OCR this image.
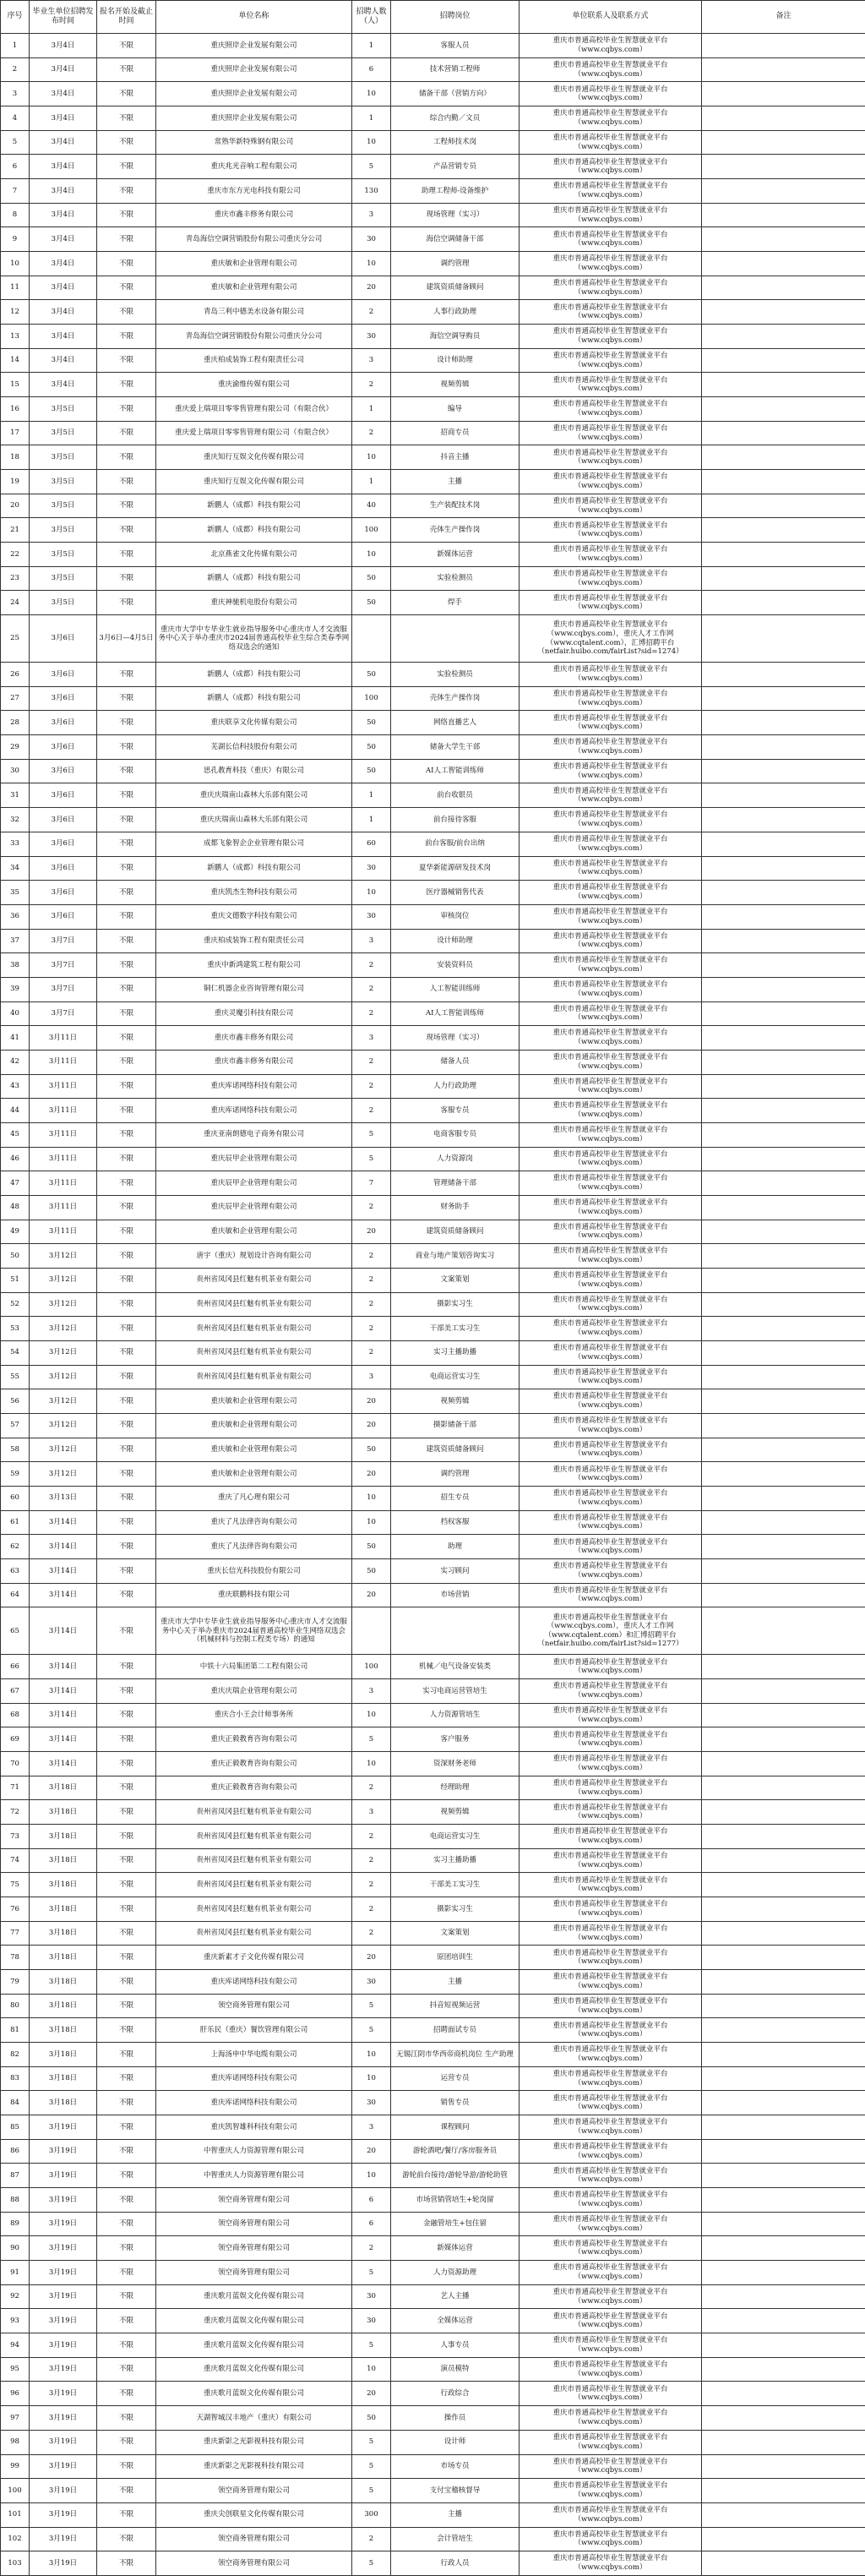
序号	毕业生单位招聘发布时间	报名开始及截止时间	单位名称	招聘人数（人）	招聘岗位	单位联系人及联系方式	备注
1	3月4日	不限	重庆照岸企业发展有限公司	1	客服人员	重庆市普通高校毕业生智慧就业平台（www.cqbys.com）	
2	3月4日	不限	重庆照岸企业发展有限公司	6	技术营销工程师	重庆市普通高校毕业生智慧就业平台（www.cqbys.com）	
3	3月4日	不限	重庆照岸企业发展有限公司	10	储备干部（营销方向）	重庆市普通高校毕业生智慧就业平台（www.cqbys.com）	
4	3月4日	不限	重庆照岸企业发展有限公司	1	综合内勤／文员	重庆市普通高校毕业生智慧就业平台（www.cqbys.com）	
5	3月4日	不限	常熟华新特殊钢有限公司	10	工程师技术岗	重庆市普通高校毕业生智慧就业平台（www.cqbys.com）	
6	3月4日	不限	重庆兆光音响工程有限公司	5	产品营销专员	重庆市普通高校毕业生智慧就业平台（www.cqbys.com）	
7	3月4日	不限	重庆市东方光电科技有限公司	130	助理工程师-设备维护	重庆市普通高校毕业生智慧就业平台（www.cqbys.com）	
8	3月4日	不限	重庆市鑫丰修务有限公司	3	现场管理（实习）	重庆市普通高校毕业生智慧就业平台（www.cqbys.com）	
9	3月4日	不限	青岛海信空调营销股份有限公司重庆分公司	30	海信空调储备干部	重庆市普通高校毕业生智慧就业平台（www.cqbys.com）	
10	3月4日	不限	重庆敏和企业管理有限公司	10	调约管理	重庆市普通高校毕业生智慧就业平台（www.cqbys.com）	
11	3月4日	不限	重庆敏和企业管理有限公司	20	建筑资质储备顾问	重庆市普通高校毕业生智慧就业平台（www.cqbys.com）	
12	3月4日	不限	青岛三利中德美水设备有限公司	2	人事行政助理	重庆市普通高校毕业生智慧就业平台（www.cqbys.com）	
13	3月4日	不限	青岛海信空调营销股份有限公司重庆分公司	30	海信空调导购员	重庆市普通高校毕业生智慧就业平台（www.cqbys.com）	
14	3月4日	不限	重庆柏成装饰工程有限责任公司	3	设计师助理	重庆市普通高校毕业生智慧就业平台（www.cqbys.com）	
15	3月4日	不限	重庆渝维传媒有限公司	2	视频剪辑	重庆市普通高校毕业生智慧就业平台（www.cqbys.com）	
16	3月5日	不限	重庆爱上瑞项目零零售管理有限公司（有限合伙）	1	编导	重庆市普通高校毕业生智慧就业平台（www.cqbys.com）	
17	3月5日	不限	重庆爱上瑞项目零零售管理有限公司（有限合伙）	2	招商专员	重庆市普通高校毕业生智慧就业平台（www.cqbys.com）	
18	3月5日	不限	重庆知行互娱文化传媒有限公司	10	抖音主播	重庆市普通高校毕业生智慧就业平台（www.cqbys.com）	
19	3月5日	不限	重庆知行互娱文化传媒有限公司	1	主播	重庆市普通高校毕业生智慧就业平台（www.cqbys.com）	
20	3月5日	不限	新鹏人（成都）科技有限公司	40	生产装配技术岗	重庆市普通高校毕业生智慧就业平台（www.cqbys.com）	
21	3月5日	不限	新鹏人（成都）科技有限公司	100	壳体生产操作岗	重庆市普通高校毕业生智慧就业平台（www.cqbys.com）	
22	3月5日	不限	北京燕雀文化传媒有限公司	10	新媒体运营	重庆市普通高校毕业生智慧就业平台（www.cqbys.com）	
23	3月5日	不限	新鹏人（成都）科技有限公司	50	实验检测员	重庆市普通高校毕业生智慧就业平台（www.cqbys.com）	
24	3月5日	不限	重庆神驰机电股份有限公司	50	焊手	重庆市普通高校毕业生智慧就业平台（www.cqbys.com）	
25	3月6日	3月6日—4月5日	重庆市大学中专毕业生就业指导服务中心重庆市人才交流服务中心关于举办重庆市2024届普通高校毕业生综合类春季网络双选会的通知			重庆市普通高校毕业生智慧就业平台（www.cqbys.com），重庆人才工作网（www.cqtalent.com），汇博招聘平台（netfair.huibo.com/fairList?sid=1274）	
26	3月6日	不限	新鹏人（成都）科技有限公司	50	实验检测员	重庆市普通高校毕业生智慧就业平台（www.cqbys.com）	
27	3月6日	不限	新鹏人（成都）科技有限公司	100	壳体生产操作岗	重庆市普通高校毕业生智慧就业平台（www.cqbys.com）	
28	3月6日	不限	重庆联享文化传媒有限公司	50	网络直播艺人	重庆市普通高校毕业生智慧就业平台（www.cqbys.com）	
29	3月6日	不限	芜湖长信科技股份有限公司	50	储备大学生干部	重庆市普通高校毕业生智慧就业平台（www.cqbys.com）	
30	3月6日	不限	思孔教育科技（重庆）有限公司	50	AI人工智能训练师	重庆市普通高校毕业生智慧就业平台（www.cqbys.com）	
31	3月6日	不限	重庆庆瑞南山森林大乐部有限公司	1	前台收银员	重庆市普通高校毕业生智慧就业平台（www.cqbys.com）	
32	3月6日	不限	重庆庆瑞南山森林大乐部有限公司	1	前台接待客服	重庆市普通高校毕业生智慧就业平台（www.cqbys.com）	
33	3月6日	不限	成都飞象智企企业管理有限公司	60	前台客服/前台出纳	重庆市普通高校毕业生智慧就业平台（www.cqbys.com）	
34	3月6日	不限	新鹏人（成都）科技有限公司	30	夏华新能源研发技术岗	重庆市普通高校毕业生智慧就业平台（www.cqbys.com）	
35	3月6日	不限	重庆凯杰生物科技有限公司	10	医疗器械销售代表	重庆市普通高校毕业生智慧就业平台（www.cqbys.com）	
36	3月6日	不限	重庆文德数字科技有限公司	30	审核岗位	重庆市普通高校毕业生智慧就业平台（www.cqbys.com）	
37	3月7日	不限	重庆柏成装饰工程有限责任公司	3	设计师助理	重庆市普通高校毕业生智慧就业平台（www.cqbys.com）	
38	3月7日	不限	重庆中新鸿建筑工程有限公司	2	安装资料员	重庆市普通高校毕业生智慧就业平台（www.cqbys.com）	
39	3月7日	不限	铜仁机器企业咨询管理有限公司	2	人工智能训练师	重庆市普通高校毕业生智慧就业平台（www.cqbys.com）	
40	3月7日	不限	重庆灵魔引科技有限公司	2	AI人工智能训练师	重庆市普通高校毕业生智慧就业平台（www.cqbys.com）	
41	3月11日	不限	重庆市鑫丰修务有限公司	3	现场管理（实习）	重庆市普通高校毕业生智慧就业平台（www.cqbys.com）	
42	3月11日	不限	重庆市鑫丰修务有限公司	2	储备人员	重庆市普通高校毕业生智慧就业平台（www.cqbys.com）	
43	3月11日	不限	重庆库诺网络科技有限公司	2	人力行政助理	重庆市普通高校毕业生智慧就业平台（www.cqbys.com）	
44	3月11日	不限	重庆库诺网络科技有限公司	2	客服专员	重庆市普通高校毕业生智慧就业平台（www.cqbys.com）	
45	3月11日	不限	重庆亚南朗德电子商务有限公司	5	电商客服专员	重庆市普通高校毕业生智慧就业平台（www.cqbys.com）	
46	3月11日	不限	重庆辰甲企业管理有限公司	5	人力资源岗	重庆市普通高校毕业生智慧就业平台（www.cqbys.com）	
47	3月11日	不限	重庆辰甲企业管理有限公司	7	管理储备干部	重庆市普通高校毕业生智慧就业平台（www.cqbys.com）	
48	3月11日	不限	重庆辰甲企业管理有限公司	2	财务助手	重庆市普通高校毕业生智慧就业平台（www.cqbys.com）	
49	3月11日	不限	重庆敏和企业管理有限公司	20	建筑资质储备顾问	重庆市普通高校毕业生智慧就业平台（www.cqbys.com）	
50	3月12日	不限	唐宇（重庆）规划设计咨询有限公司	2	商业与地产策划咨询实习	重庆市普通高校毕业生智慧就业平台（www.cqbys.com）	
51	3月12日	不限	贵州省凤冈县红魅有机茶业有限公司	2	文案策划	重庆市普通高校毕业生智慧就业平台（www.cqbys.com）	
52	3月12日	不限	贵州省凤冈县红魅有机茶业有限公司	2	摄影实习生	重庆市普通高校毕业生智慧就业平台（www.cqbys.com）	
53	3月12日	不限	贵州省凤冈县红魅有机茶业有限公司	2	干部美工实习生	重庆市普通高校毕业生智慧就业平台（www.cqbys.com）	
54	3月12日	不限	贵州省凤冈县红魅有机茶业有限公司	2	实习主播助播	重庆市普通高校毕业生智慧就业平台（www.cqbys.com）	
55	3月12日	不限	贵州省凤冈县红魅有机茶业有限公司	3	电商运营实习生	重庆市普通高校毕业生智慧就业平台（www.cqbys.com）	
56	3月12日	不限	重庆敏和企业管理有限公司	20	视频剪辑	重庆市普通高校毕业生智慧就业平台（www.cqbys.com）	
57	3月12日	不限	重庆敏和企业管理有限公司	20	摄影储备干部	重庆市普通高校毕业生智慧就业平台（www.cqbys.com）	
58	3月12日	不限	重庆敏和企业管理有限公司	50	建筑资质储备顾问	重庆市普通高校毕业生智慧就业平台（www.cqbys.com）	
59	3月12日	不限	重庆敏和企业管理有限公司	20	调约管理	重庆市普通高校毕业生智慧就业平台（www.cqbys.com）	
60	3月13日	不限	重庆了凡心理有限公司	10	招生专员	重庆市普通高校毕业生智慧就业平台（www.cqbys.com）	
61	3月14日	不限	重庆了凡法律咨询有限公司	10	档权客服	重庆市普通高校毕业生智慧就业平台（www.cqbys.com）	
62	3月14日	不限	重庆了凡法律咨询有限公司	50	助理	重庆市普通高校毕业生智慧就业平台（www.cqbys.com）	
63	3月14日	不限	重庆长信光科技股份有限公司	50	实习顾问	重庆市普通高校毕业生智慧就业平台（www.cqbys.com）	
64	3月14日	不限	重庆联鹏科技有限公司	20	市场营销	重庆市普通高校毕业生智慧就业平台（www.cqbys.com）	
65	3月14日	不限	重庆市大学中专毕业生就业指导服务中心重庆市人才交流服务中心关于举办重庆市2024届普通高校毕业生网络双选会（机械材料与控制工程类专场）的通知			重庆市普通高校毕业生智慧就业平台（www.cqbys.com），重庆人才工作网（www.cqtalent.com）和汇博招聘平台（netfair.huibo.com/fairList?sid=1277）	
66	3月14日	不限	中铁十六局集团第二工程有限公司	100	机械／电气设备安装类	重庆市普通高校毕业生智慧就业平台（www.cqbys.com）	
67	3月14日	不限	重庆庆瑞企业管理有限公司	3	实习电商运营管培生	重庆市普通高校毕业生智慧就业平台（www.cqbys.com）	
68	3月14日	不限	重庆合小王会计师事务所	10	人力资源管培生	重庆市普通高校毕业生智慧就业平台（www.cqbys.com）	
69	3月14日	不限	重庆正毅教育咨询有限公司	5	客户服务	重庆市普通高校毕业生智慧就业平台（www.cqbys.com）	
70	3月14日	不限	重庆正毅教育咨询有限公司	10	资深财务老师	重庆市普通高校毕业生智慧就业平台（www.cqbys.com）	
71	3月18日	不限	重庆正毅教育咨询有限公司	2	经理助理	重庆市普通高校毕业生智慧就业平台（www.cqbys.com）	
72	3月18日	不限	贵州省凤冈县红魅有机茶业有限公司	3	视频剪辑	重庆市普通高校毕业生智慧就业平台（www.cqbys.com）	
73	3月18日	不限	贵州省凤冈县红魅有机茶业有限公司	2	电商运营实习生	重庆市普通高校毕业生智慧就业平台（www.cqbys.com）	
74	3月18日	不限	贵州省凤冈县红魅有机茶业有限公司	2	实习主播助播	重庆市普通高校毕业生智慧就业平台（www.cqbys.com）	
75	3月18日	不限	贵州省凤冈县红魅有机茶业有限公司	2	干部美工实习生	重庆市普通高校毕业生智慧就业平台（www.cqbys.com）	
76	3月18日	不限	贵州省凤冈县红魅有机茶业有限公司	2	摄影实习生	重庆市普通高校毕业生智慧就业平台（www.cqbys.com）	
77	3月18日	不限	贵州省凤冈县红魅有机茶业有限公司	2	文案策划	重庆市普通高校毕业生智慧就业平台（www.cqbys.com）	
78	3月18日	不限	重庆新素才子文化传媒有限公司	20	原团培训生	重庆市普通高校毕业生智慧就业平台（www.cqbys.com）	
79	3月18日	不限	重庆库诺网络科技有限公司	30	主播	重庆市普通高校毕业生智慧就业平台（www.cqbys.com）	
80	3月18日	不限	领空商务管理有限公司	5	抖音短视频运营	重庆市普通高校毕业生智慧就业平台（www.cqbys.com）	
81	3月18日	不限	肝乐民（重庆）餐饮管理有限公司	5	招聘面试专员	重庆市普通高校毕业生智慧就业平台（www.cqbys.com）	
82	3月18日	不限	上海汤申中华电缆有限公司	10	无锡江阴市华西帝商机岗位 生产助理	重庆市普通高校毕业生智慧就业平台（www.cqbys.com）	
83	3月18日	不限	重庆库诺网络科技有限公司	10	运营专员	重庆市普通高校毕业生智慧就业平台（www.cqbys.com）	
84	3月18日	不限	重庆库诺网络科技有限公司	30	销售专员	重庆市普通高校毕业生智慧就业平台（www.cqbys.com）	
85	3月19日	不限	重庆凯智雄科科技有限公司	3	课程顾问	重庆市普通高校毕业生智慧就业平台（www.cqbys.com）	
86	3月19日	不限	中智重庆人力资源管理有限公司	20	游轮酒吧/餐厅/客房服务员	重庆市普通高校毕业生智慧就业平台（www.cqbys.com）	
87	3月19日	不限	中智重庆人力资源管理有限公司	10	游轮前台接待/游轮导游/游轮助管	重庆市普通高校毕业生智慧就业平台（www.cqbys.com）	
88	3月19日	不限	领空商务管理有限公司	6	市场营销管培生+轮岗留	重庆市普通高校毕业生智慧就业平台（www.cqbys.com）	
89	3月19日	不限	领空商务管理有限公司	6	金融管培生+包住留	重庆市普通高校毕业生智慧就业平台（www.cqbys.com）	
90	3月19日	不限	领空商务管理有限公司	2	新媒体运营	重庆市普通高校毕业生智慧就业平台（www.cqbys.com）	
91	3月19日	不限	领空商务管理有限公司	5	人力资源助理	重庆市普通高校毕业生智慧就业平台（www.cqbys.com）	
92	3月19日	不限	重庆歌月蓝娱文化传媒有限公司	30	艺人主播	重庆市普通高校毕业生智慧就业平台（www.cqbys.com）	
93	3月19日	不限	重庆歌月蓝娱文化传媒有限公司	30	全媒体运营	重庆市普通高校毕业生智慧就业平台（www.cqbys.com）	
94	3月19日	不限	重庆歌月蓝娱文化传媒有限公司	5	人事专员	重庆市普通高校毕业生智慧就业平台（www.cqbys.com）	
95	3月19日	不限	重庆歌月蓝娱文化传媒有限公司	10	演员模特	重庆市普通高校毕业生智慧就业平台（www.cqbys.com）	
96	3月19日	不限	重庆歌月蓝娱文化传媒有限公司	20	行政综合	重庆市普通高校毕业生智慧就业平台（www.cqbys.com）	
97	3月19日	不限	天湖智城汉丰地产（重庆）有限公司	50	操作员	重庆市普通高校毕业生智慧就业平台（www.cqbys.com）	
98	3月19日	不限	重庆新影之光影视科技有限公司	5	设计师	重庆市普通高校毕业生智慧就业平台（www.cqbys.com）	
99	3月19日	不限	重庆新影之光影视科技有限公司	5	市场专员	重庆市普通高校毕业生智慧就业平台（www.cqbys.com）	
100	3月19日	不限	领空商务管理有限公司	5	支付宝稽核督导	重庆市普通高校毕业生智慧就业平台（www.cqbys.com）	
101	3月19日	不限	重庆尖创联星文化传媒有限公司	300	主播	重庆市普通高校毕业生智慧就业平台（www.cqbys.com）	
102	3月19日	不限	领空商务管理有限公司	2	会计管培生	重庆市普通高校毕业生智慧就业平台（www.cqbys.com）	
103	3月19日	不限	领空商务管理有限公司	5	行政人员	重庆市普通高校毕业生智慧就业平台（www.cqbys.com）	
